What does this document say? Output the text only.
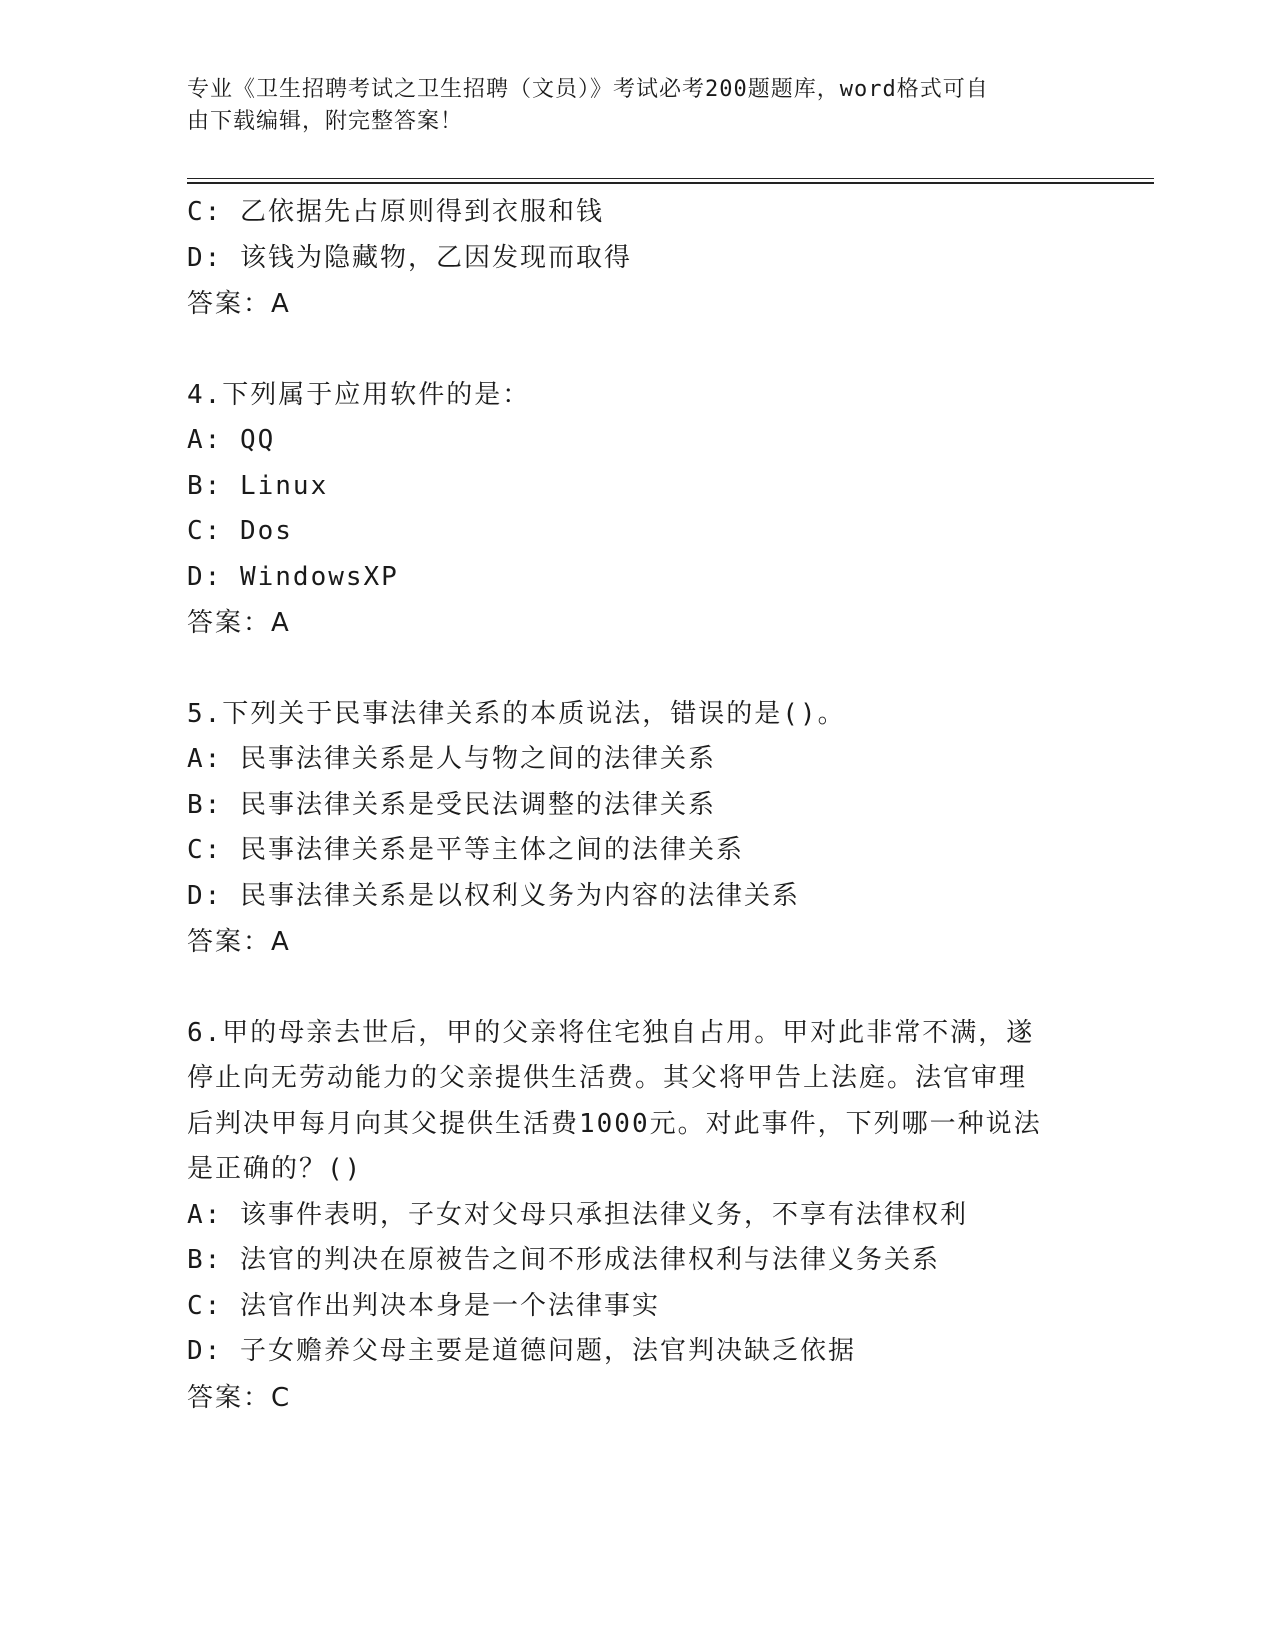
专业《卫生招聘考试之卫生招聘（文员）》考试必考200题题库，word格式可自
由下载编辑，附完整答案！
C: 乙依据先占原则得到衣服和钱
D: 该钱为隐藏物，乙因发现而取得
答案：A
4.下列属于应用软件的是：
A: QQ
B: Linux
C: Dos
D: WindowsXP
答案：A
5.下列关于民事法律关系的本质说法，错误的是()。
A: 民事法律关系是人与物之间的法律关系
B: 民事法律关系是受民法调整的法律关系
C: 民事法律关系是平等主体之间的法律关系
D: 民事法律关系是以权利义务为内容的法律关系
答案：A
6.甲的母亲去世后，甲的父亲将住宅独自占用。甲对此非常不满，遂
停止向无劳动能力的父亲提供生活费。其父将甲告上法庭。法官审理
后判决甲每月向其父提供生活费1000元。对此事件，下列哪一种说法
是正确的？()
A: 该事件表明，子女对父母只承担法律义务，不享有法律权利
B: 法官的判决在原被告之间不形成法律权利与法律义务关系
C: 法官作出判决本身是一个法律事实
D: 子女赡养父母主要是道德问题，法官判决缺乏依据
答案：C
